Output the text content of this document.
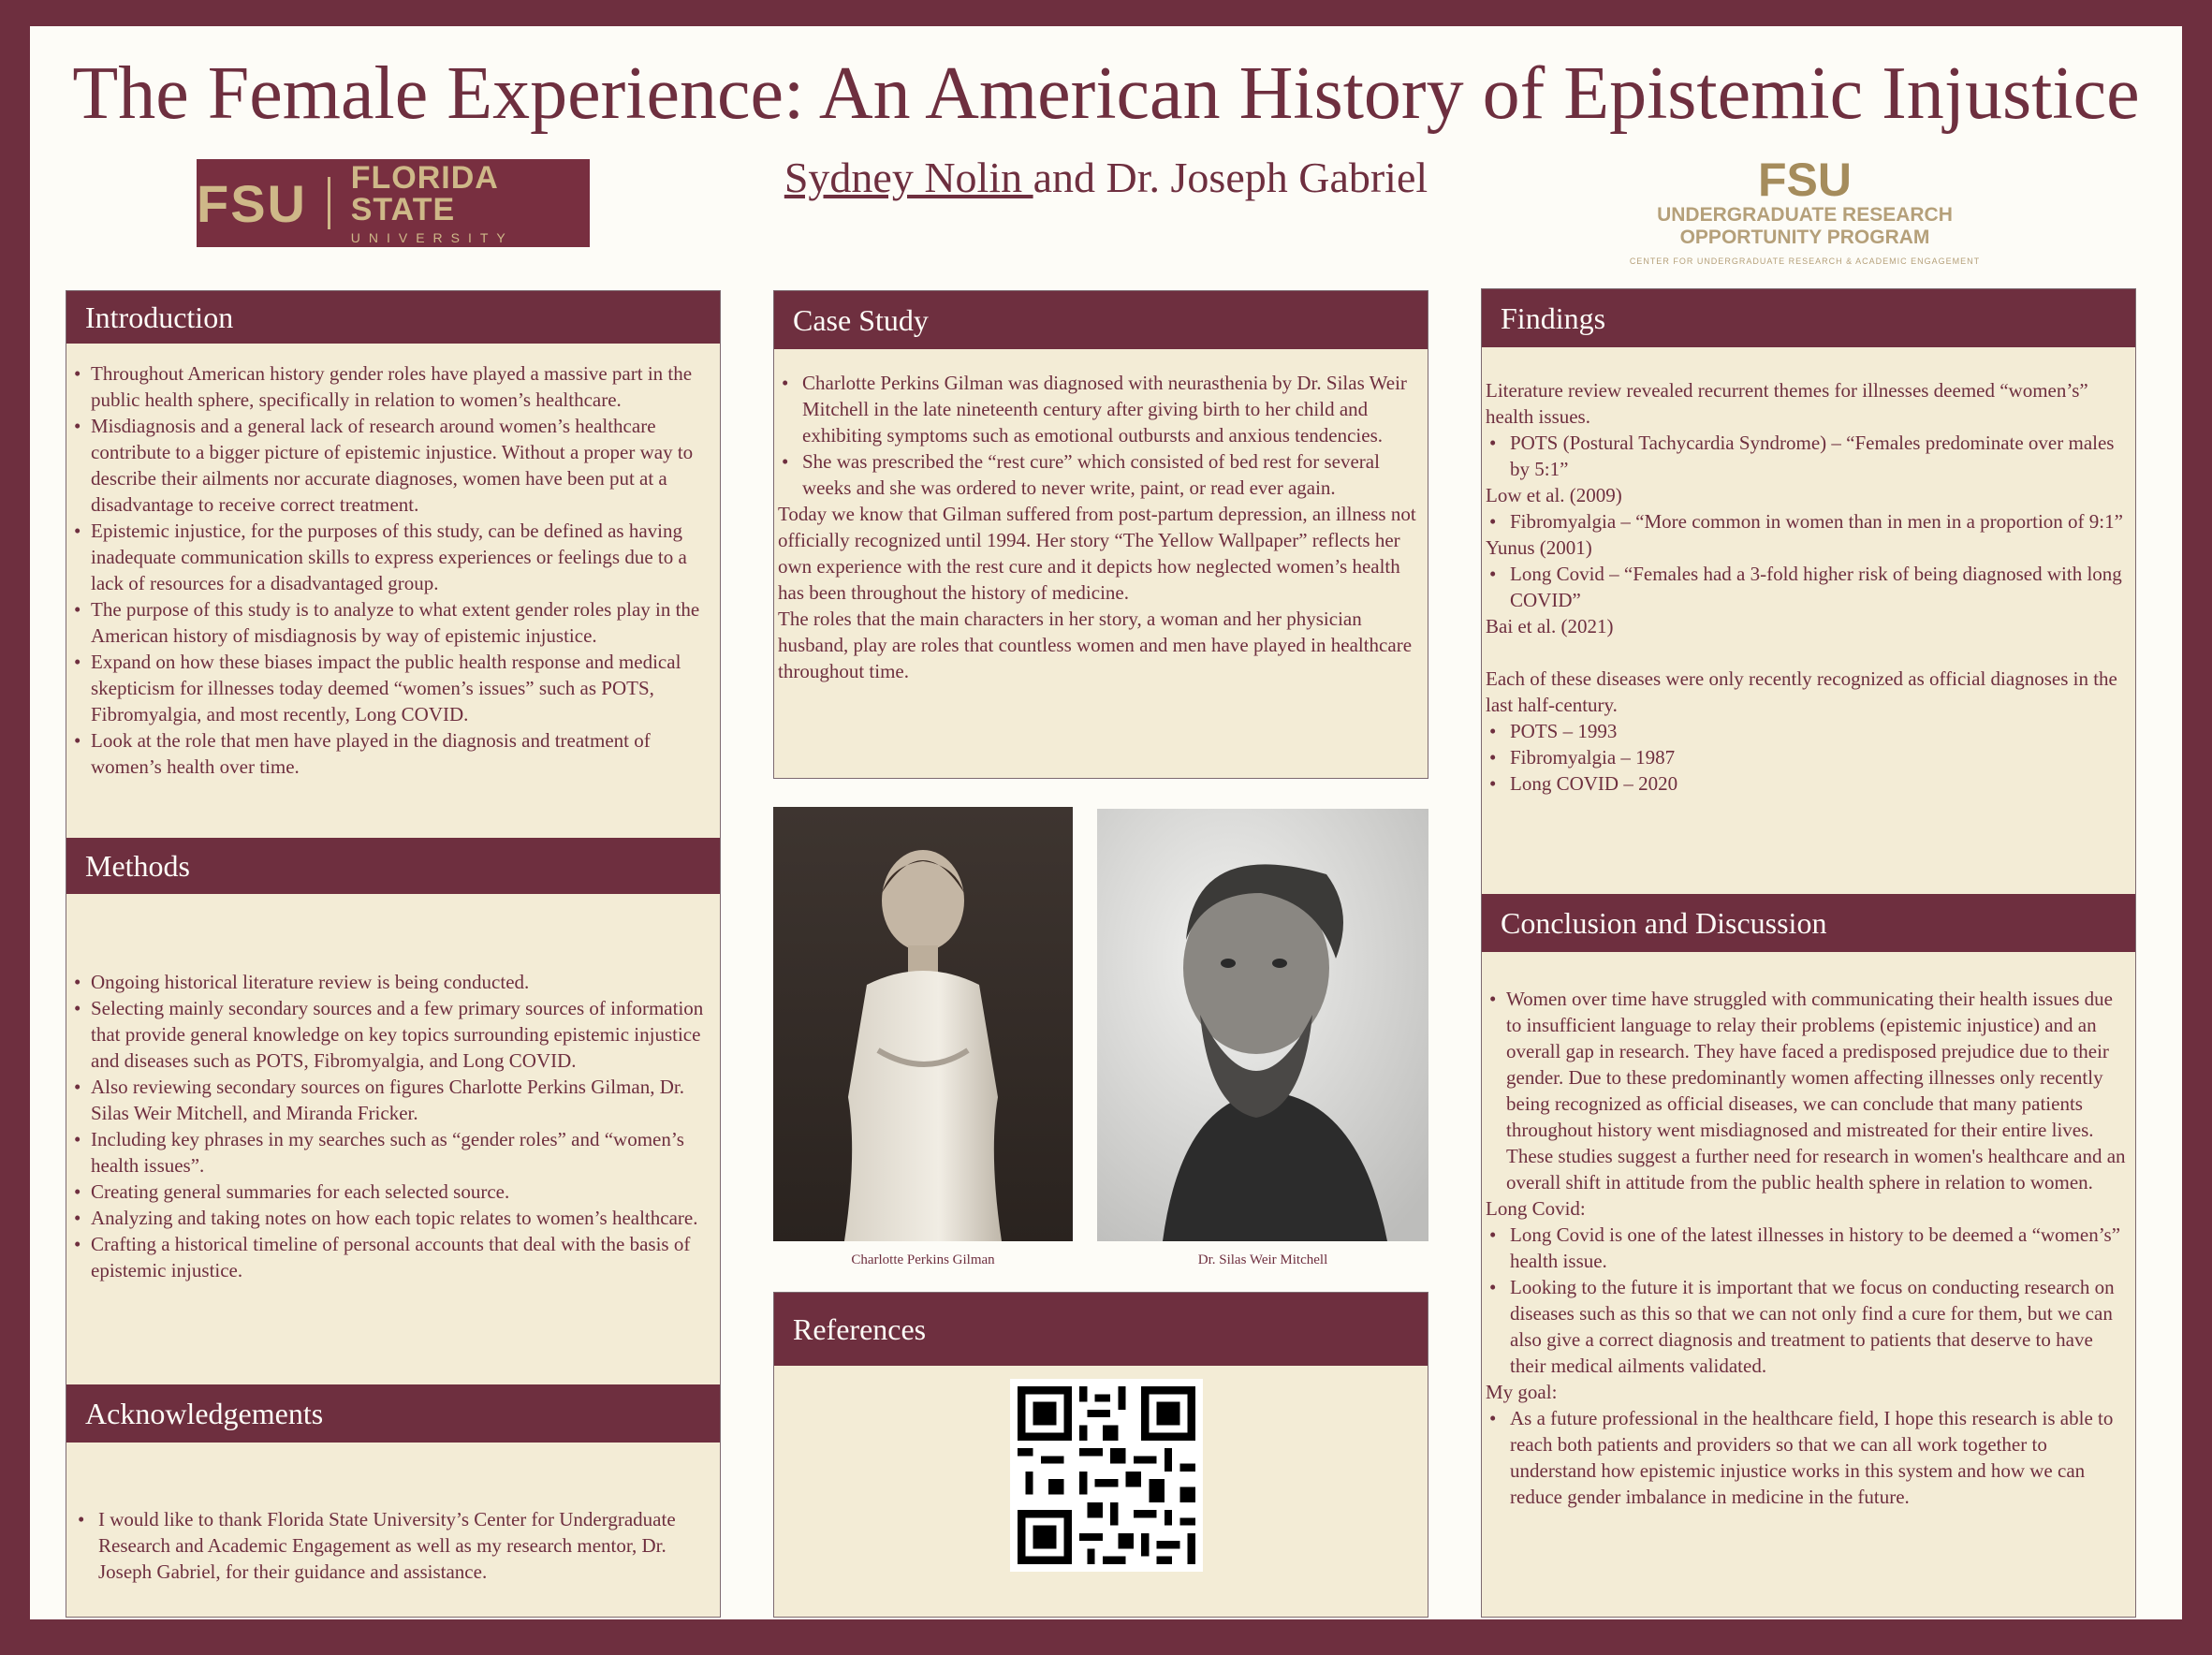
The Female Experience: An American History of Epistemic Injustice
Sydney Nolin and Dr. Joseph Gabriel
FSU FLORIDA STATE
UNIVERSITY
FSU
UNDERGRADUATE RESEARCH
OPPORTUNITY PROGRAM
CENTER FOR UNDERGRADUATE RESEARCH & ACADEMIC ENGAGEMENT
Introduction
• Throughout American history gender roles have played a massive part in the public health sphere, specifically in relation to women’s healthcare.
• Misdiagnosis and a general lack of research around women’s healthcare contribute to a bigger picture of epistemic injustice. Without a proper way to describe their ailments nor accurate diagnoses, women have been put at a disadvantage to receive correct treatment.
• Epistemic injustice, for the purposes of this study, can be defined as having inadequate communication skills to express experiences or feelings due to a lack of resources for a disadvantaged group.
• The purpose of this study is to analyze to what extent gender roles play in the American history of misdiagnosis by way of epistemic injustice.
• Expand on how these biases impact the public health response and medical skepticism for illnesses today deemed “women’s issues” such as POTS, Fibromyalgia, and most recently, Long COVID.
• Look at the role that men have played in the diagnosis and treatment of women’s health over time.
Methods
• Ongoing historical literature review is being conducted.
• Selecting mainly secondary sources and a few primary sources of information that provide general knowledge on key topics surrounding epistemic injustice and diseases such as POTS, Fibromyalgia, and Long COVID.
• Also reviewing secondary sources on figures Charlotte Perkins Gilman, Dr. Silas Weir Mitchell, and Miranda Fricker.
• Including key phrases in my searches such as “gender roles” and “women’s health issues”.
• Creating general summaries for each selected source.
• Analyzing and taking notes on how each topic relates to women’s healthcare.
• Crafting a historical timeline of personal accounts that deal with the basis of epistemic injustice.
Acknowledgements
• I would like to thank Florida State University’s Center for Undergraduate Research and Academic Engagement as well as my research mentor, Dr. Joseph Gabriel, for their guidance and assistance.
Case Study
• Charlotte Perkins Gilman was diagnosed with neurasthenia by Dr. Silas Weir Mitchell in the late nineteenth century after giving birth to her child and exhibiting symptoms such as emotional outbursts and anxious tendencies.
• She was prescribed the “rest cure” which consisted of bed rest for several weeks and she was ordered to never write, paint, or read ever again.

Today we know that Gilman suffered from post-partum depression, an illness not officially recognized until 1994. Her story “The Yellow Wallpaper” reflects her own experience with the rest cure and it depicts how neglected women’s health has been throughout the history of medicine.

The roles that the main characters in her story, a woman and her physician husband, play are roles that countless women and men have played in healthcare throughout time.

Charlotte Perkins Gilman	Dr. Silas Weir Mitchell
References
Findings

Literature review revealed recurrent themes for illnesses deemed “women’s” health issues.

• POTS (Postural Tachycardia Syndrome) – “Females predominate over males by 5:1”

Low et al. (2009)

• Fibromyalgia – “More common in women than in men in a proportion of 9:1”

Yunus (2001)

• Long Covid – “Females had a 3-fold higher risk of being diagnosed with long COVID”

Bai et al. (2021)

Each of these diseases were only recently recognized as official diagnoses in the last half-century.

• POTS – 1993
• Fibromyalgia – 1987
• Long COVID – 2020
Conclusion and Discussion
• Women over time have struggled with communicating their health issues due to insufficient language to relay their problems (epistemic injustice) and an overall gap in research. They have faced a predisposed prejudice due to their gender. Due to these predominantly women affecting illnesses only recently being recognized as official diseases, we can conclude that many patients throughout history went misdiagnosed and mistreated for their entire lives. These studies suggest a further need for research in women's healthcare and an overall shift in attitude from the public health sphere in relation to women.

Long Covid:

• Long Covid is one of the latest illnesses in history to be deemed a “women’s” health issue.
• Looking to the future it is important that we focus on conducting research on diseases such as this so that we can not only find a cure for them, but we can also give a correct diagnosis and treatment to patients that deserve to have their medical ailments validated.

My goal:

• As a future professional in the healthcare field, I hope this research is able to reach both patients and providers so that we can all work together to understand how epistemic injustice works in this system and how we can reduce gender imbalance in medicine in the future.
